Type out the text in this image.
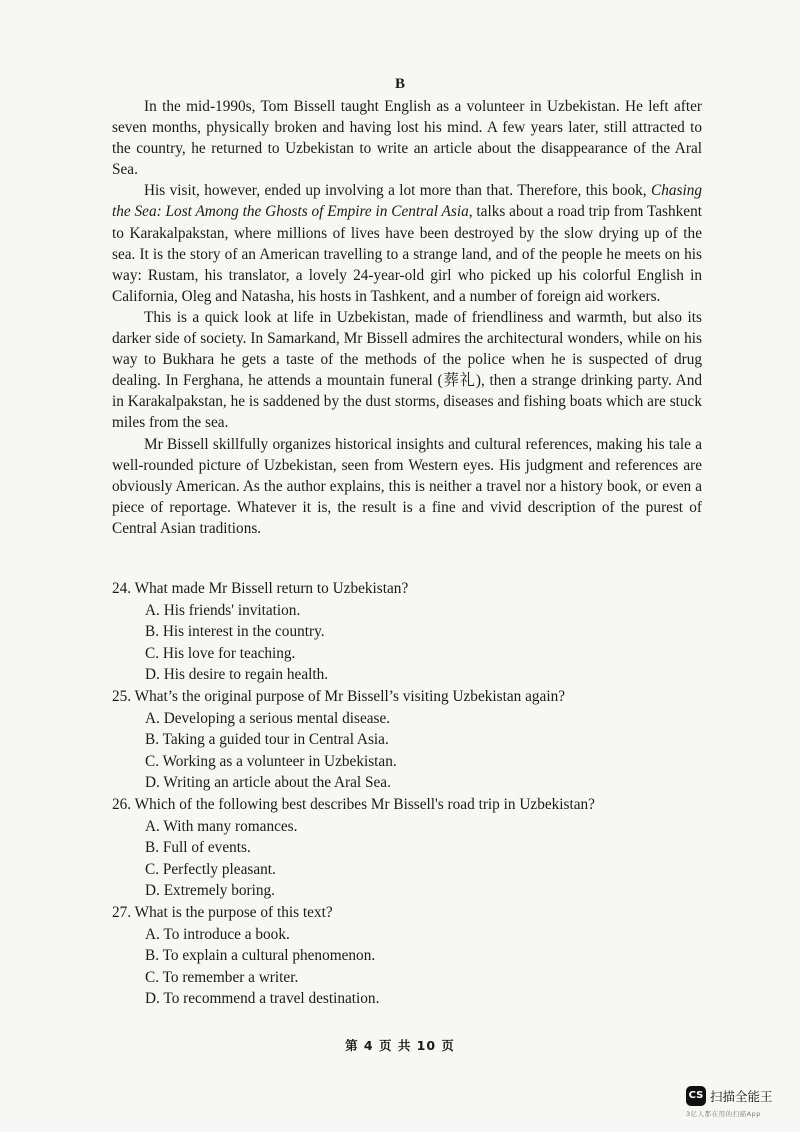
B

In the mid-1990s, Tom Bissell taught English as a volunteer in Uzbekistan. He left after seven months, physically broken and having lost his mind. A few years later, still attracted to the country, he returned to Uzbekistan to write an article about the disappearance of the Aral Sea.

His visit, however, ended up involving a lot more than that. Therefore, this book, Chasing the Sea: Lost Among the Ghosts of Empire in Central Asia, talks about a road trip from Tashkent to Karakalpakstan, where millions of lives have been destroyed by the slow drying up of the sea. It is the story of an American travelling to a strange land, and of the people he meets on his way: Rustam, his translator, a lovely 24-year-old girl who picked up his colorful English in California, Oleg and Natasha, his hosts in Tashkent, and a number of foreign aid workers.

This is a quick look at life in Uzbekistan, made of friendliness and warmth, but also its darker side of society. In Samarkand, Mr Bissell admires the architectural wonders, while on his way to Bukhara he gets a taste of the methods of the police when he is suspected of drug dealing. In Ferghana, he attends a mountain funeral (葬礼), then a strange drinking party. And in Karakalpakstan, he is saddened by the dust storms, diseases and fishing boats which are stuck miles from the sea.

Mr Bissell skillfully organizes historical insights and cultural references, making his tale a well-rounded picture of Uzbekistan, seen from Western eyes. His judgment and references are obviously American. As the author explains, this is neither a travel nor a history book, or even a piece of reportage. Whatever it is, the result is a fine and vivid description of the purest of Central Asian traditions.

24. What made Mr Bissell return to Uzbekistan?

A. His friends' invitation.

B. His interest in the country.

C. His love for teaching.

D. His desire to regain health.

25. What’s the original purpose of Mr Bissell’s visiting Uzbekistan again?

A. Developing a serious mental disease.

B. Taking a guided tour in Central Asia.

C. Working as a volunteer in Uzbekistan.

D. Writing an article about the Aral Sea.

26. Which of the following best describes Mr Bissell's road trip in Uzbekistan?

A. With many romances.

B. Full of events.

C. Perfectly pleasant.

D. Extremely boring.

27. What is the purpose of this text?

A. To introduce a book.

B. To explain a cultural phenomenon.

C. To remember a writer.

D. To recommend a travel destination.

第 4 页 共 10 页
CS 扫描全能王
3亿人都在用的扫描App
